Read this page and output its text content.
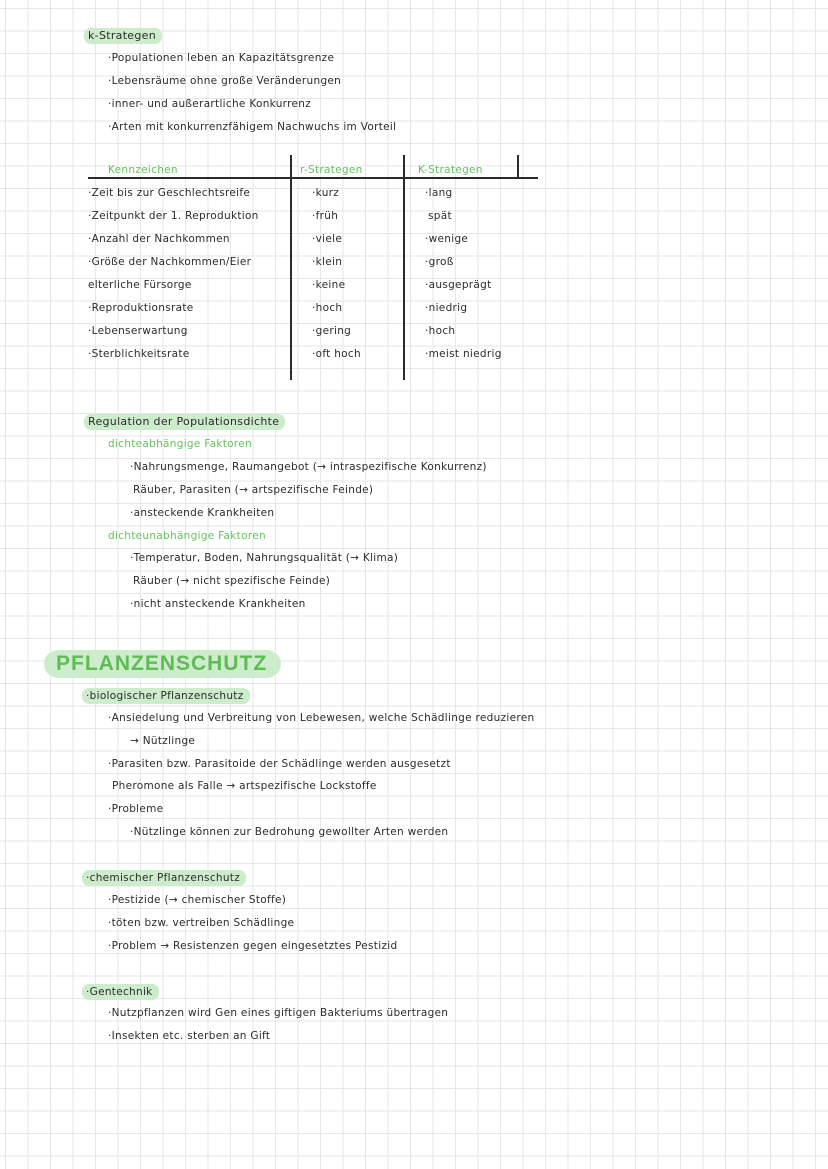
k-Strategen
·Populationen leben an Kapazitätsgrenze
·Lebensräume ohne große Veränderungen
·inner- und außerartliche Konkurrenz
·Arten mit konkurrenzfähigem Nachwuchs im Vorteil
Kennzeichen	r-Strategen	K-Strategen
·Zeit bis zur Geschlechtsreife	·kurz	·lang
·Zeitpunkt der 1. Reproduktion	·früh	spät
·Anzahl der Nachkommen	·viele	·wenige
·Größe der Nachkommen/Eier	·klein	·groß
elterliche Fürsorge	·keine	·ausgeprägt
·Reproduktionsrate	·hoch	·niedrig
·Lebenserwartung	·gering	·hoch
·Sterblichkeitsrate	·oft hoch	·meist niedrig
Regulation der Populationsdichte
dichteabhängige Faktoren
·Nahrungsmenge, Raumangebot (→ intraspezifische Konkurrenz)
Räuber, Parasiten (→ artspezifische Feinde)
·ansteckende Krankheiten
dichteunabhängige Faktoren
·Temperatur, Boden, Nahrungsqualität (→ Klima)
Räuber (→ nicht spezifische Feinde)
·nicht ansteckende Krankheiten
PFLANZENSCHUTZ
·biologischer Pflanzenschutz
·Ansiedelung und Verbreitung von Lebewesen, welche Schädlinge reduzieren
→ Nützlinge
·Parasiten bzw. Parasitoide der Schädlinge werden ausgesetzt
Pheromone als Falle → artspezifische Lockstoffe
·Probleme
·Nützlinge können zur Bedrohung gewollter Arten werden
·chemischer Pflanzenschutz
·Pestizide (→ chemischer Stoffe)
·töten bzw. vertreiben Schädlinge
·Problem → Resistenzen gegen eingesetztes Pestizid
·Gentechnik
·Nutzpflanzen wird Gen eines giftigen Bakteriums übertragen
·Insekten etc. sterben an Gift
